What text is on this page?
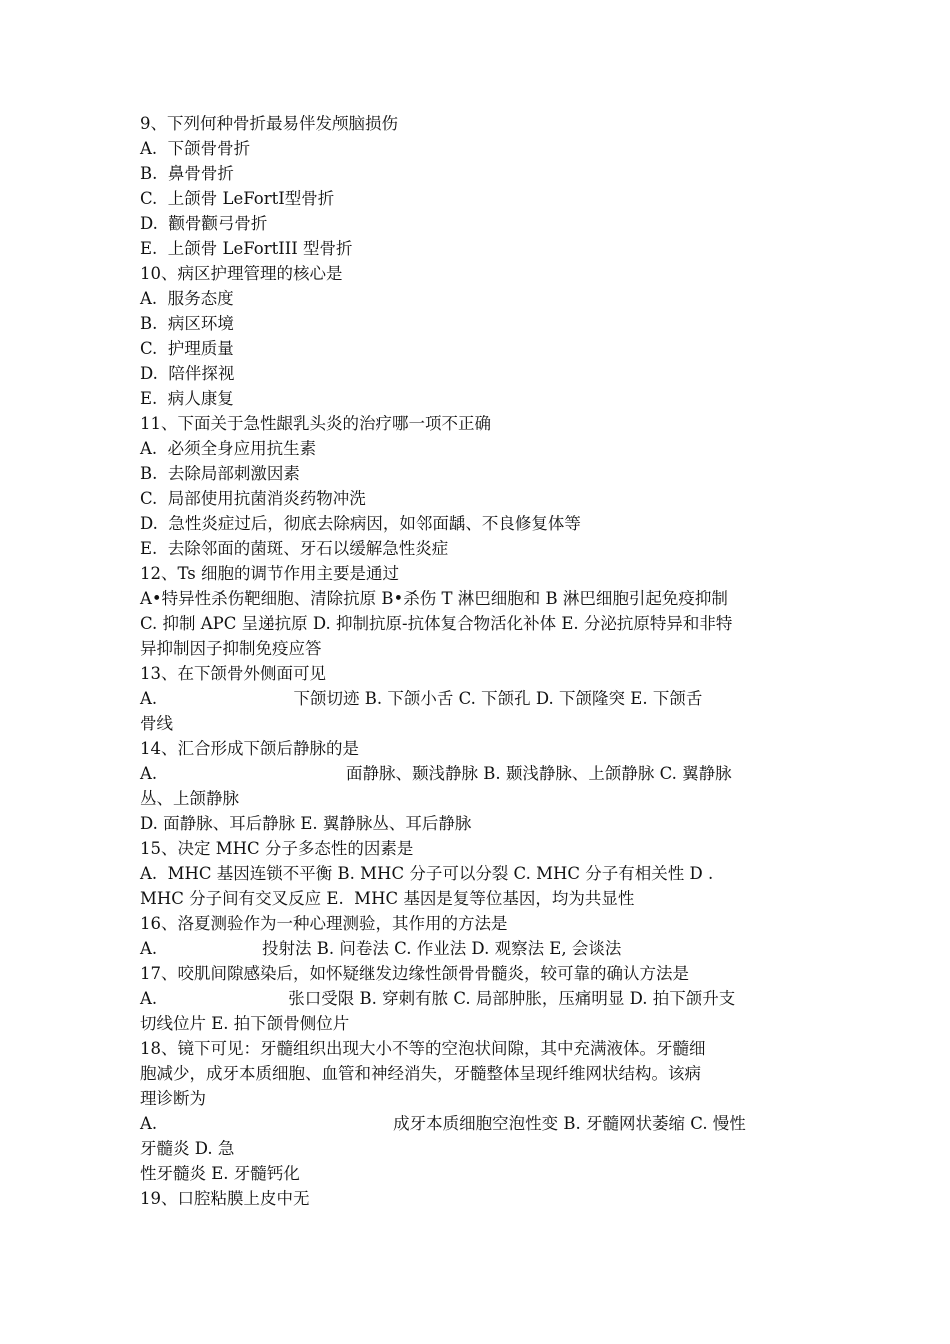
9、下列何种骨折最易伴发颅脑损伤
A.  下颌骨骨折
B.  鼻骨骨折
C.  上颌骨 LeFortⅠ型骨折
D.  颧骨颧弓骨折
E.  上颌骨 LeFortIII 型骨折
10、病区护理管理的核心是
A.  服务态度
B.  病区环境
C.  护理质量
D.  陪伴探视
E.  病人康复
11、下面关于急性龈乳头炎的治疗哪一项不正确
A.  必须全身应用抗生素
B.  去除局部刺激因素
C.  局部使用抗菌消炎药物冲洗
D.  急性炎症过后，彻底去除病因，如邻面龋、不良修复体等
E.  去除邻面的菌斑、牙石以缓解急性炎症
12、Ts 细胞的调节作用主要是通过
A•特异性杀伤靶细胞、清除抗原 B•杀伤 T 淋巴细胞和 B 淋巴细胞引起免疫抑制
C. 抑制 APC 呈递抗原 D. 抑制抗原-抗体复合物活化补体 E. 分泌抗原特异和非特
异抑制因子抑制免疫应答
13、在下颌骨外侧面可见
A.                          下颌切迹 B. 下颌小舌 C. 下颌孔 D. 下颌隆突 E. 下颌舌
骨线
14、汇合形成下颌后静脉的是
A.                                    面静脉、颞浅静脉 B. 颞浅静脉、上颌静脉 C. 翼静脉
丛、上颌静脉
D. 面静脉、耳后静脉 E. 翼静脉丛、耳后静脉
15、决定 MHC 分子多态性的因素是
A.  MHC 基因连锁不平衡 B. MHC 分子可以分裂 C. MHC 分子有相关性 D .
MHC 分子间有交叉反应 E.  MHC 基因是复等位基因，均为共显性
16、洛夏测验作为一种心理测验，其作用的方法是
A.                    投射法 B. 问卷法 C. 作业法 D. 观察法 E, 会谈法
17、咬肌间隙感染后，如怀疑继发边缘性颌骨骨髓炎，较可靠的确认方法是
A.                         张口受限 B. 穿刺有脓 C. 局部肿胀，压痛明显 D. 拍下颌升支
切线位片 E. 拍下颌骨侧位片
18、镜下可见：牙髓组织出现大小不等的空泡状间隙，其中充满液体。牙髓细
胞减少，成牙本质细胞、血管和神经消失，牙髓整体呈现纤维网状结构。该病
理诊断为
A.                                             成牙本质细胞空泡性变 B. 牙髓网状萎缩 C. 慢性
牙髓炎 D. 急
性牙髓炎 E. 牙髓钙化
19、口腔粘膜上皮中无
